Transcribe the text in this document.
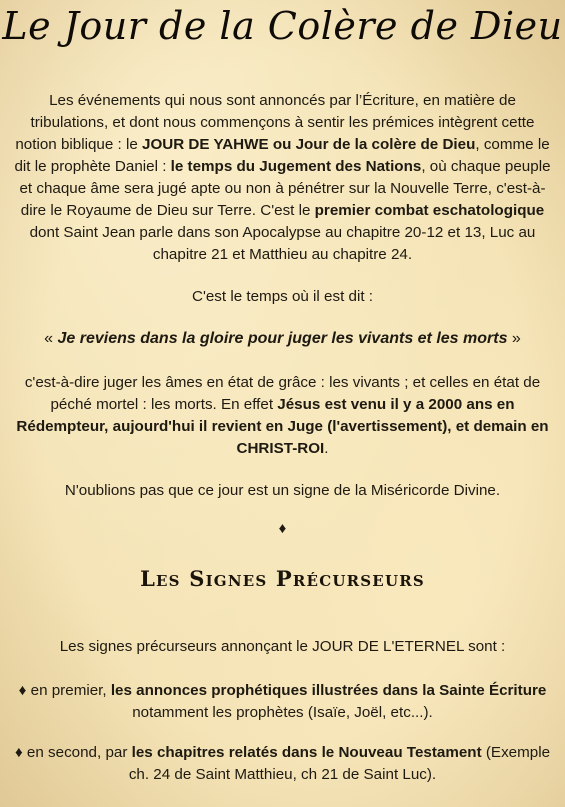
Le Jour de la Colère de Dieu

Les événements qui nous sont annoncés par l’Écriture, en matière de tribulations, et dont nous commençons à sentir les prémices intègrent cette notion biblique : le JOUR DE YAHWE ou Jour de la colère de Dieu, comme le dit le prophète Daniel : le temps du Jugement des Nations, où chaque peuple et chaque âme sera jugé apte ou non à pénétrer sur la Nouvelle Terre, c'est-à-dire le Royaume de Dieu sur Terre. C'est le premier combat eschatologique dont Saint Jean parle dans son Apocalypse au chapitre 20-12 et 13, Luc au chapitre 21 et Matthieu au chapitre 24.

C'est le temps où il est dit :

« Je reviens dans la gloire pour juger les vivants et les morts »

c'est-à-dire juger les âmes en état de grâce : les vivants ; et celles en état de péché mortel : les morts. En effet Jésus est venu il y a 2000 ans en Rédempteur, aujourd'hui il revient en Juge (l'avertissement), et demain en CHRIST-ROI.

N'oublions pas que ce jour est un signe de la Miséricorde Divine.

♦
Les Signes Précurseurs

Les signes précurseurs annonçant le JOUR DE L'ETERNEL sont :

♦ en premier, les annonces prophétiques illustrées dans la Sainte Écriture notamment les prophètes (Isaïe, Joël, etc...).

♦ en second, par les chapitres relatés dans le Nouveau Testament (Exemple ch. 24 de Saint Matthieu, ch 21 de Saint Luc).
